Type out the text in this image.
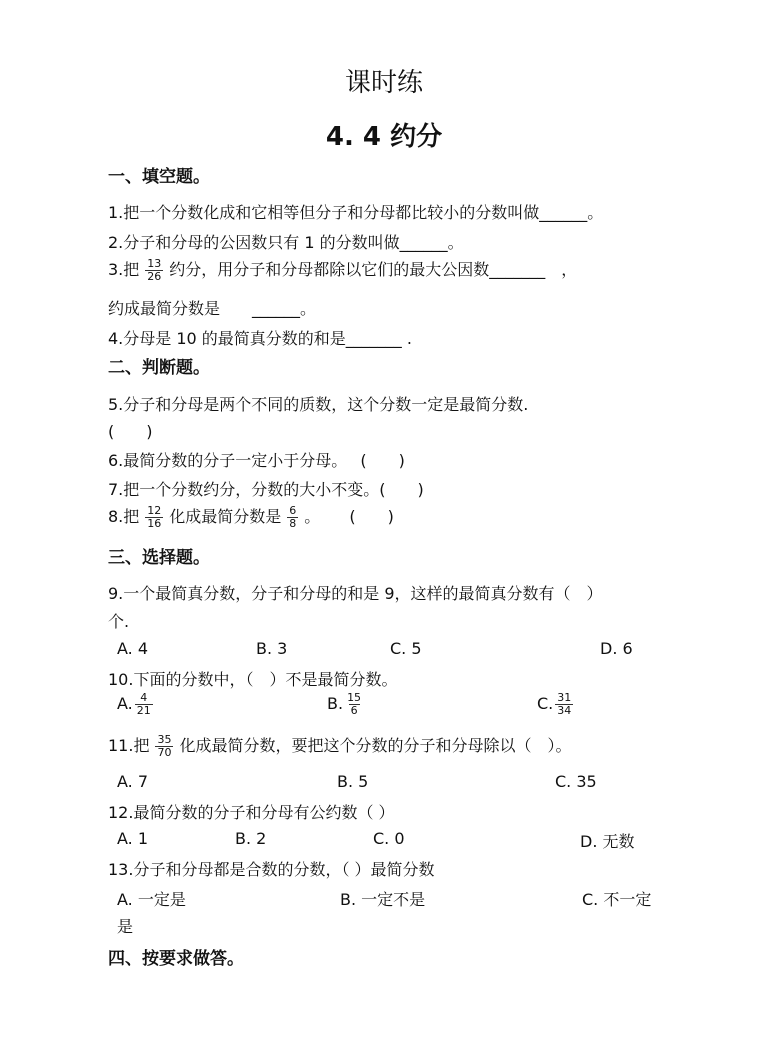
课时练
4. 4 约分
一、填空题。
1.把一个分数化成和它相等但分子和分母都比较小的分数叫做______。
2.分子和分母的公因数只有 1 的分数叫做______。
3.把 $\frac{13}{26}$ 约分，用分子和分母都除以它们的最大公因数_______　，
约成最简分数是　　______。
4.分母是 10 的最简真分数的和是_______ .
二、判断题。
5.分子和分母是两个不同的质数，这个分数一定是最简分数.
(　　)
6.最简分数的分子一定小于分母。　 (　　)
7.把一个分数约分，分数的大小不变。(　　)
8.把 $\frac{12}{16}$ 化成最简分数是 $\frac{6}{8}$ 。　　 (　　)
三、选择题。
9.一个最简真分数，分子和分母的和是 9，这样的最简真分数有（　）
个.
A. 4	B. 3	C. 5	D. 6
10.下面的分数中，（　）不是最简分数。
A. $\frac{4}{21}$	B. $\frac{15}{6}$	C. $\frac{31}{34}$
11.把 $\frac{35}{70}$ 化成最简分数，要把这个分数的分子和分母除以（　）。
A. 7	B. 5	C. 35
12.最简分数的分子和分母有公约数（ ）
A. 1	B. 2	C. 0	D. 无数
13.分子和分母都是合数的分数，（ ）最简分数
A. 一定是	B. 一定不是	C. 不一定
是
四、按要求做答。
